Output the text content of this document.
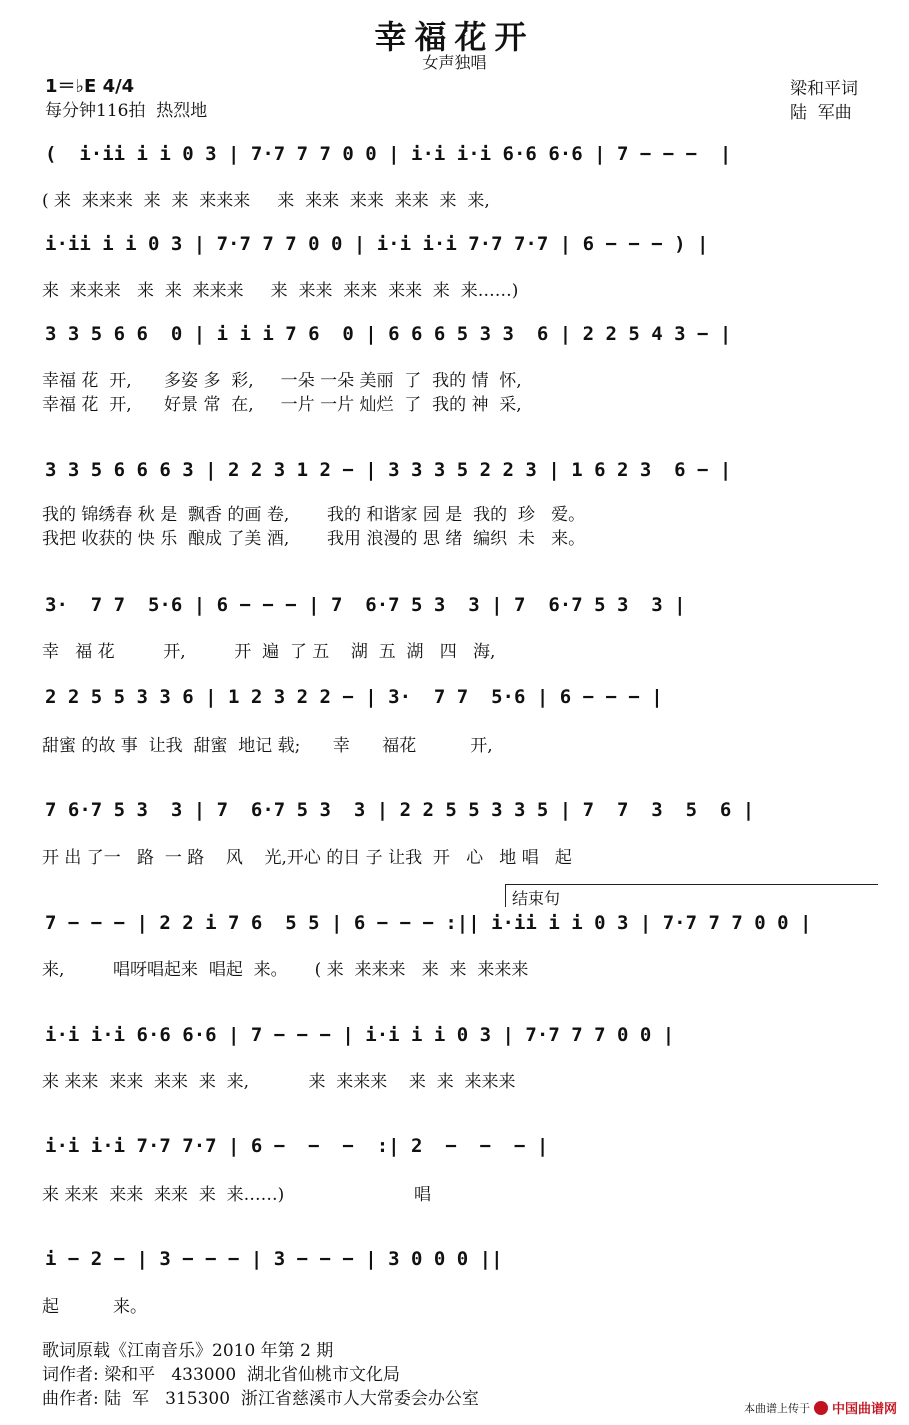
幸福花开
女声独唱
1＝♭E 4/4
每分钟116拍  热烈地
梁和平词
陆  军曲
(  i·ii i i 0 3 | 7·7 7 7 0 0 | i·i i·i 6·6 6·6 | 7 − − −  |
( 来  来来来  来  来  来来来     来  来来  来来  来来  来  来,
i·ii i i 0 3 | 7·7 7 7 0 0 | i·i i·i 7·7 7·7 | 6 − − − ) |
来  来来来   来  来  来来来     来  来来  来来  来来  来  来……)
3 3 5 6 6  0 | i i i 7 6  0 | 6 6 6 5 3 3  6 | 2 2 5 4 3 − |
幸福 花  开,      多姿 多  彩,     一朵 一朵 美丽  了  我的 情  怀,
幸福 花  开,      好景 常  在,     一片 一片 灿烂  了  我的 神  采,
3 3 5 6 6 6 3 | 2 2 3 1 2 − | 3 3 3 5 2 2 3 | 1 6 2 3  6 − |
我的 锦绣春 秋 是  飘香 的画 卷,       我的 和谐家 园 是  我的  珍   爱。
我把 收获的 快 乐  酿成 了美 酒,       我用 浪漫的 思 绪  编织  未   来。
3·  7 7  5·6 | 6 − − − | 7  6·7 5 3  3 | 7  6·7 5 3  3 |
幸   福 花         开,         开  遍  了 五    湖  五  湖   四   海,
2 2 5 5 3 3 6 | 1 2 3 2 2 − | 3·  7 7  5·6 | 6 − − − |
甜蜜 的故 事  让我  甜蜜  地记 载;      幸      福花          开,
7 6·7 5 3  3 | 7  6·7 5 3  3 | 2 2 5 5 3 3 5 | 7  7  3  5  6 |
开 出 了一   路  一 路    风    光,开心 的日 子 让我  开   心   地 唱   起
7 − − − | 2 2 i 7 6  5 5 | 6 − − − :|| i·ii i i 0 3 | 7·7 7 7 0 0 |
来,         唱呀唱起来  唱起  来。     ( 来  来来来   来  来  来来来
i·i i·i 6·6 6·6 | 7 − − − | i·i i i 0 3 | 7·7 7 7 0 0 |
来 来来  来来  来来  来  来,           来  来来来    来  来  来来来
i·i i·i 7·7 7·7 | 6 −  −  −  :| 2  −  −  − |
来 来来  来来  来来  来  来……)                        唱
i − 2 − | 3 − − − | 3 − − − | 3 0 0 0 ||
起          来。
结束句
歌词原载《江南音乐》2010 年第 2 期
词作者: 梁和平   433000  湖北省仙桃市文化局
曲作者: 陆  军   315300  浙江省慈溪市人大常委会办公室	本曲谱上传于 中国曲谱网
